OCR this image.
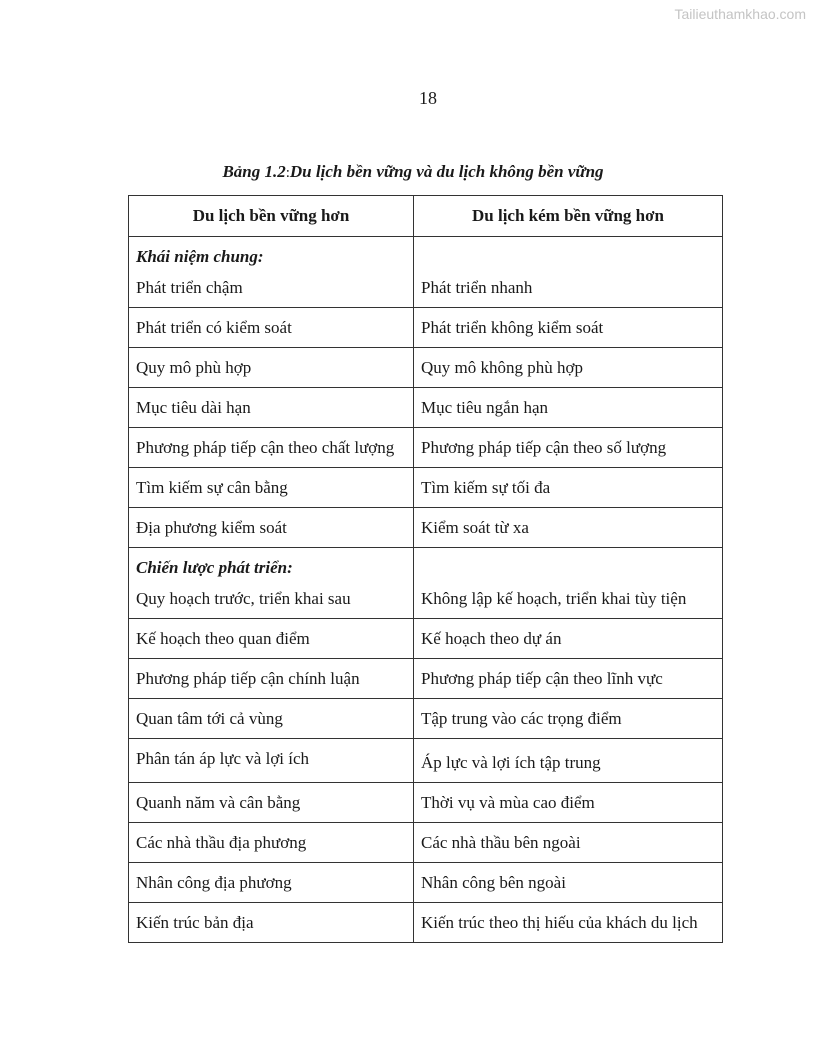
Tailieuthamkhao.com
18
Bảng 1.2:Du lịch bền vững và du lịch không bền vững
Du lịch bền vững hơn	Du lịch kém bền vững hơn

Khái niệm chung:
Phát triển chậm	Phát triển nhanh

Phát triển có kiểm soát	Phát triển không kiểm soát
Quy mô phù hợp	Quy mô không phù hợp
Mục tiêu dài hạn	Mục tiêu ngắn hạn
Phương pháp tiếp cận theo chất lượng	Phương pháp tiếp cận theo số lượng
Tìm kiếm sự cân bằng	Tìm kiếm sự tối đa
Địa phương kiểm soát	Kiểm soát từ xa

Chiến lược phát triển:
Quy hoạch trước, triển khai sau	Không lập kế hoạch, triển khai tùy tiện

Kế hoạch theo quan điểm	Kế hoạch theo dự án
Phương pháp tiếp cận chính luận	Phương pháp tiếp cận theo lĩnh vực
Quan tâm tới cả vùng	Tập trung vào các trọng điểm
Phân tán áp lực và lợi ích	Áp lực và lợi ích tập trung
Quanh năm và cân bằng	Thời vụ và mùa cao điểm
Các nhà thầu địa phương	Các nhà thầu bên ngoài
Nhân công địa phương	Nhân công bên ngoài
Kiến trúc bản địa	Kiến trúc theo thị hiếu của khách du lịch
